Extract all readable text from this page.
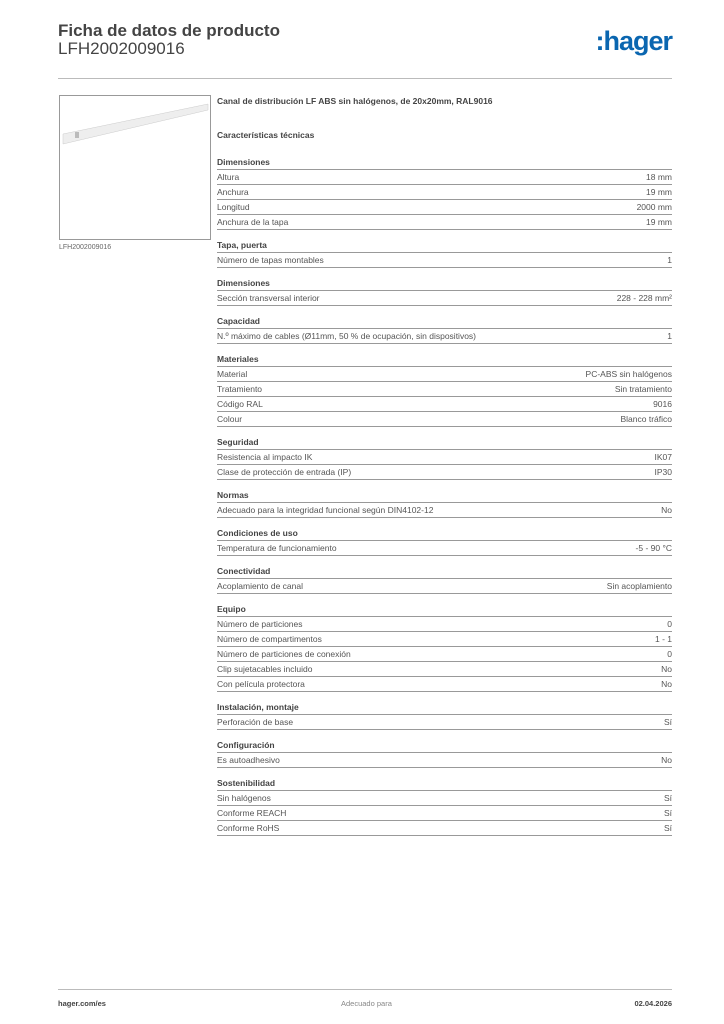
Ficha de datos de producto
LFH2002009016	:hager
LFH2002009016
Canal de distribución LF ABS sin halógenos, de 20x20mm, RAL9016
Características técnicas
Dimensiones
Altura	18 mm
Anchura	19 mm
Longitud	2000 mm
Anchura de la tapa	19 mm
Tapa, puerta
Número de tapas montables	1
Dimensiones
Sección transversal interior	228 - 228 mm²
Capacidad
N.º máximo de cables (Ø11mm, 50 % de ocupación, sin dispositivos)	1
Materiales
Material	PC-ABS sin halógenos
Tratamiento	Sin tratamiento
Código RAL	9016
Colour	Blanco tráfico
Seguridad
Resistencia al impacto IK	IK07
Clase de protección de entrada (IP)	IP30
Normas
Adecuado para la integridad funcional según DIN4102-12	No
Condiciones de uso
Temperatura de funcionamiento	-5 - 90 °C
Conectividad
Acoplamiento de canal	Sin acoplamiento
Equipo
Número de particiones	0
Número de compartimentos	1 - 1
Número de particiones de conexión	0
Clip sujetacables incluido	No
Con película protectora	No
Instalación, montaje
Perforación de base	Sí
Configuración
Es autoadhesivo	No
Sostenibilidad
Sin halógenos	Sí
Conforme REACH	Sí
Conforme RoHS	Sí
hager.com/es	Adecuado para	02.04.2026
